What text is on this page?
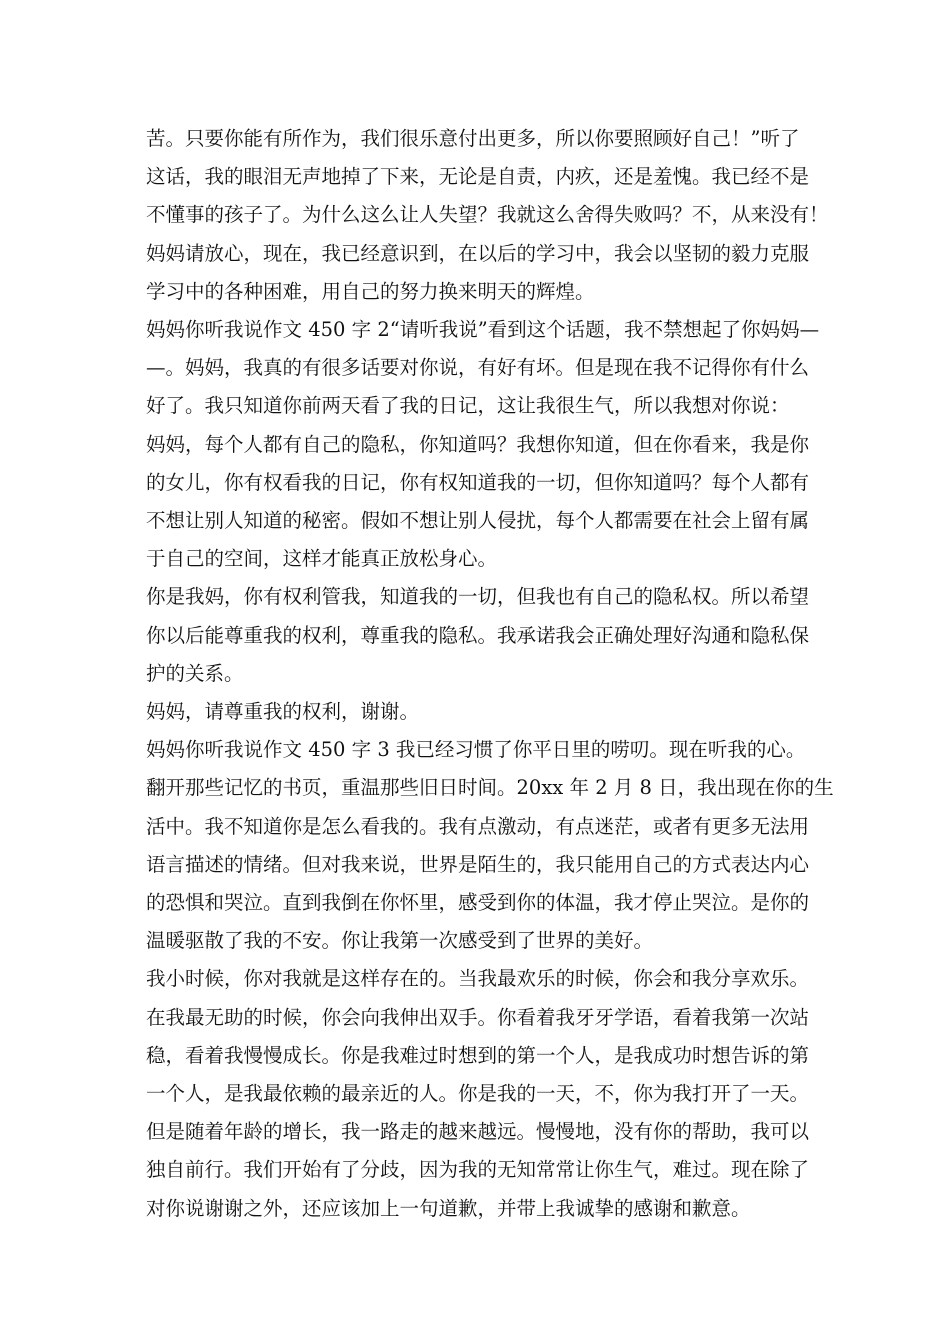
苦。只要你能有所作为，我们很乐意付出更多，所以你要照顾好自己！”听了
这话，我的眼泪无声地掉了下来，无论是自责，内疚，还是羞愧。我已经不是
不懂事的孩子了。为什么这么让人失望？我就这么舍得失败吗？不，从来没有！
妈妈请放心，现在，我已经意识到，在以后的学习中，我会以坚韧的毅力克服
学习中的各种困难，用自己的努力换来明天的辉煌。
妈妈你听我说作文 450 字 2“请听我说”看到这个话题，我不禁想起了你妈妈—
—。妈妈，我真的有很多话要对你说，有好有坏。但是现在我不记得你有什么
好了。我只知道你前两天看了我的日记，这让我很生气，所以我想对你说：
妈妈，每个人都有自己的隐私，你知道吗？我想你知道，但在你看来，我是你
的女儿，你有权看我的日记，你有权知道我的一切，但你知道吗？每个人都有
不想让别人知道的秘密。假如不想让别人侵扰，每个人都需要在社会上留有属
于自己的空间，这样才能真正放松身心。
你是我妈，你有权利管我，知道我的一切，但我也有自己的隐私权。所以希望
你以后能尊重我的权利，尊重我的隐私。我承诺我会正确处理好沟通和隐私保
护的关系。
妈妈，请尊重我的权利，谢谢。
妈妈你听我说作文 450 字 3 我已经习惯了你平日里的唠叨。现在听我的心。
翻开那些记忆的书页，重温那些旧日时间。20xx 年 2 月 8 日，我出现在你的生
活中。我不知道你是怎么看我的。我有点激动，有点迷茫，或者有更多无法用
语言描述的情绪。但对我来说，世界是陌生的，我只能用自己的方式表达内心
的恐惧和哭泣。直到我倒在你怀里，感受到你的体温，我才停止哭泣。是你的
温暖驱散了我的不安。你让我第一次感受到了世界的美好。
我小时候，你对我就是这样存在的。当我最欢乐的时候，你会和我分享欢乐。
在我最无助的时候，你会向我伸出双手。你看着我牙牙学语，看着我第一次站
稳，看着我慢慢成长。你是我难过时想到的第一个人，是我成功时想告诉的第
一个人，是我最依赖的最亲近的人。你是我的一天，不，你为我打开了一天。
但是随着年龄的增长，我一路走的越来越远。慢慢地，没有你的帮助，我可以
独自前行。我们开始有了分歧，因为我的无知常常让你生气，难过。现在除了
对你说谢谢之外，还应该加上一句道歉，并带上我诚挚的感谢和歉意。
